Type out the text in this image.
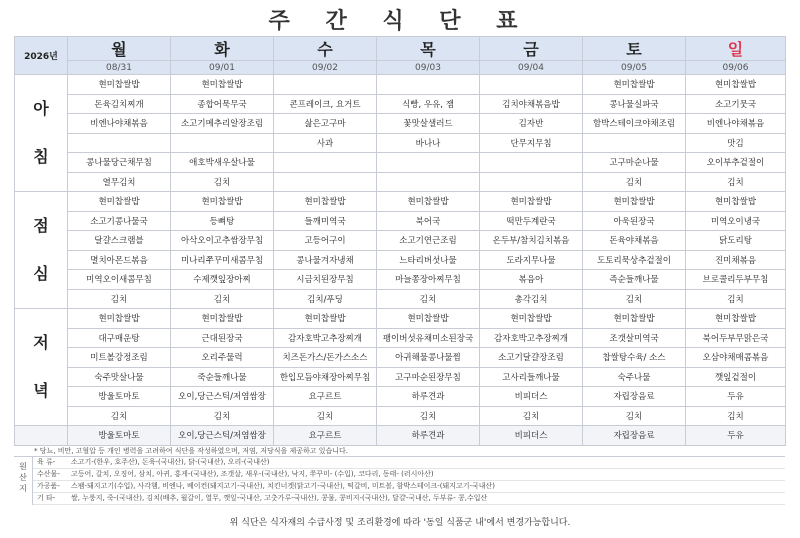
주 간 식 단 표
2026년	월	화	수	목	금	토	일
	08/31	09/01	09/02	09/03	09/04	09/05	09/06
아

침	현미찹쌀밥	현미찹쌀밥				현미찹쌀밥	현미찹쌀밥
	돈육김치찌개	종합어묵무국	콘프레이크, 요거트	식빵, 우유, 잼	김치야채볶음밥	콩나물실파국	소고기뭇국
	비엔나야채볶음	소고기메추리알장조림	삶은고구마	꽃맛살샐러드	김자반	함박스테이크야채조림	비엔나야채볶음
			사과	바나나	단무지무침		맛김
	콩나물당근채무침	애호박새우살나물				고구마순나물	오이부추겉절이
	열무김치	김치				김치	김치
점

심	현미찹쌀밥	현미찹쌀밥	현미찹쌀밥	현미찹쌀밥	현미찹쌀밥	현미찹쌀밥	현미찹쌀밥
	소고기콩나물국	등뼈탕	들깨미역국	북어국	떡만두계란국	아욱된장국	미역오이냉국
	달걀스크램블	아삭오이고추쌈장무침	고등어구이	소고기연근조림	온두부/참치김치볶음	돈육야채볶음	닭도리탕
	멸치아몬드볶음	미나리쭈꾸미새콤무침	콩나물겨자냉채	느타리버섯나물	도라지무나물	도토리묵상추겉절이	진미채볶음
	미역오이새콤무침	수제깻잎장아찌	시금치된장무침	마늘쫑장아찌무침	볶음아	즉순들깨나물	브로콜리두부무침
	김치	김치	김치/푸딩	김치	총각김치	김치	김치
저

녁	현미찹쌀밥	현미찹쌀밥	현미찹쌀밥	현미찹쌀밥	현미찹쌀밥	현미찹쌀밥	현미찹쌀밥
	대구매운탕	근대된장국	감자호박고추장찌개	팽이버섯유채미소된장국	감자호박고추장찌개	조갯살미역국	북어두부무맑은국
	미트볼강정조림	오리주물럭	치즈돈가스/돈가스소스	아귀해물콩나물찜	소고기달걀장조림	찹쌀탕수육/ 소스	오삼야채매콤볶음
	숙주맛살나물	죽순들깨나물	한입모듬야채장아찌무침	고구마순된장무침	고사리들깨나물	숙주나물	깻잎겉절이
	방울토마토	오이,당근스틱/저염쌈장	요구르트	하루견과	비피더스	자립장음료	두유
	김치	김치	김치	김치	김치	김치	김치
	방울토마토	오이,당근스틱/저염쌈장	요구르트	하루견과	비피더스	자립장음료	두유
* 당뇨, 비만, 고혈압 등 개인 병력을 고려하여 식단을 작성하였으며, 저염, 저당식을 제공하고 있습니다.
원
산
지
육 류- 소고기-(한우, 호주산), 돈육-(국내산), 닭-(국내산), 오리-(국내산)
수산물- 고등어, 갈치, 오징어, 삼치, 아귀, 홍게-(국내산), 조갯살, 새우-(국내산), 낙지, 쭈꾸미- (수입), 코다리, 동태- (러시아산)
가공품- 스팸-돼지고기(수입), 사각햄, 비엔나, 베이컨(돼지고기-국내산), 치킨너겟(닭고기-국내산), 떡갈비, 미트볼, 함박스테이크-(돼지고기-국내산)
기 타- 쌀, 누룽지, 죽-(국내산), 김치(배추, 월갈이, 열무, 깻잎-국내산, 고춧가루-국내산), 콩물, 콩비지-(국내산), 달걀-국내산, 두부류- 콩,수입산
위 식단은 식자재의 수급사정 및 조리환경에 따라 '동일 식품군 내'에서 변경가능합니다.
